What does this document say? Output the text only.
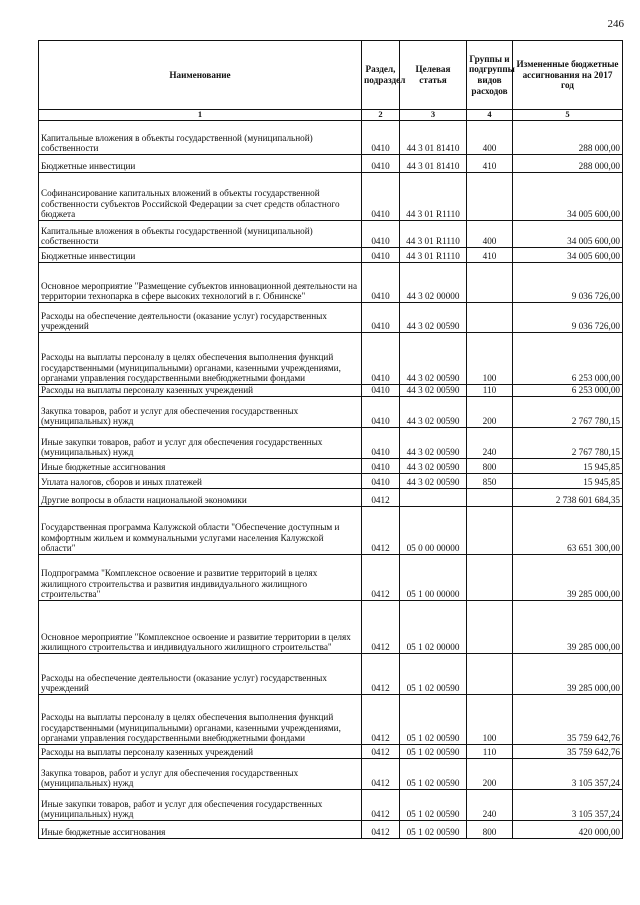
246
Наименование	Раздел, подраздел	Целевая статья	Группы и подгруппы видов расходов	Измененные бюджетные ассигнования на 2017 год
1	2	3	4	5
Капитальные вложения в объекты государственной (муниципальной) собственности	0410	44 3 01 81410	400	288 000,00
Бюджетные инвестиции	0410	44 3 01 81410	410	288 000,00
Софинансирование капитальных вложений в объекты государственной собственности субъектов Российской Федерации за счет средств областного бюджета	0410	44 3 01 R1110		34 005 600,00
Капитальные вложения в объекты государственной (муниципальной) собственности	0410	44 3 01 R1110	400	34 005 600,00
Бюджетные инвестиции	0410	44 3 01 R1110	410	34 005 600,00
Основное мероприятие "Размещение субъектов инновационной деятельности на территории технопарка в сфере высоких технологий в г. Обнинске"	0410	44 3 02 00000		9 036 726,00
Расходы на обеспечение деятельности (оказание услуг) государственных учреждений	0410	44 3 02 00590		9 036 726,00
Расходы на выплаты персоналу в целях обеспечения выполнения функций государственными (муниципальными) органами, казенными учреждениями, органами управления государственными внебюджетными фондами	0410	44 3 02 00590	100	6 253 000,00
Расходы на выплаты персоналу казенных учреждений	0410	44 3 02 00590	110	6 253 000,00
Закупка товаров, работ и услуг для обеспечения государственных (муниципальных) нужд	0410	44 3 02 00590	200	2 767 780,15
Иные закупки товаров, работ и услуг для обеспечения государственных (муниципальных) нужд	0410	44 3 02 00590	240	2 767 780,15
Иные бюджетные ассигнования	0410	44 3 02 00590	800	15 945,85
Уплата налогов, сборов и иных платежей	0410	44 3 02 00590	850	15 945,85
Другие вопросы в области национальной экономики	0412			2 738 601 684,35
Государственная программа Калужской области "Обеспечение доступным и комфортным жильем и коммунальными услугами населения Калужской области"	0412	05 0 00 00000		63 651 300,00
Подпрограмма "Комплексное освоение и развитие территорий в целях жилищного строительства и развития индивидуального жилищного строительства"	0412	05 1 00 00000		39 285 000,00
Основное мероприятие "Комплексное освоение и развитие территории в целях жилищного строительства и индивидуального жилищного строительства"	0412	05 1 02 00000		39 285 000,00
Расходы на обеспечение деятельности (оказание услуг) государственных учреждений	0412	05 1 02 00590		39 285 000,00
Расходы на выплаты персоналу в целях обеспечения выполнения функций государственными (муниципальными) органами, казенными учреждениями, органами управления государственными внебюджетными фондами	0412	05 1 02 00590	100	35 759 642,76
Расходы на выплаты персоналу казенных учреждений	0412	05 1 02 00590	110	35 759 642,76
Закупка товаров, работ и услуг для обеспечения государственных (муниципальных) нужд	0412	05 1 02 00590	200	3 105 357,24
Иные закупки товаров, работ и услуг для обеспечения государственных (муниципальных) нужд	0412	05 1 02 00590	240	3 105 357,24
Иные бюджетные ассигнования	0412	05 1 02 00590	800	420 000,00
